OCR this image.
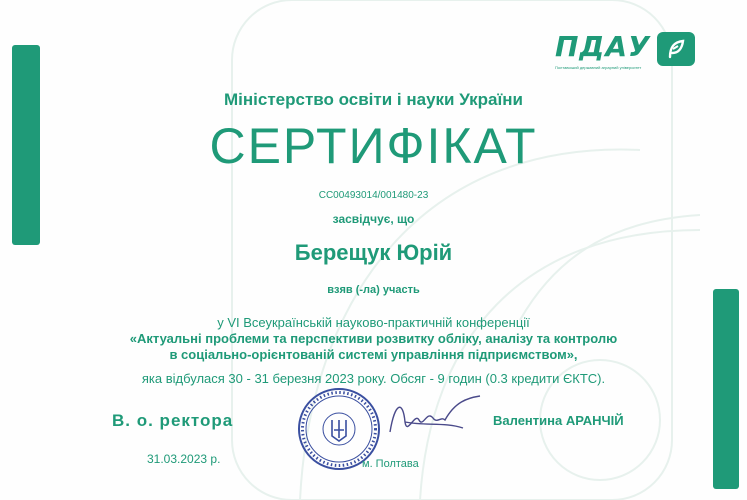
ПДАУ
Полтавський державний аграрний університет
Міністерство освіти і науки України
СЕРТИФІКАТ
CC00493014/001480-23
засвідчує, що
Берещук Юрій
взяв (-ла) участь
у VI Всеукраїнській науково-практичній конференції
«Актуальні проблеми та перспективи розвитку обліку, аналізу та контролю
в соціально-орієнтованій системі управління підприємством»,
яка відбулася 30 - 31 березня 2023 року. Обсяг - 9 годин (0.3 кредити ЄКТС).
В. о. ректора	Валентина АРАНЧІЙ
31.03.2023 р.	м. Полтава
